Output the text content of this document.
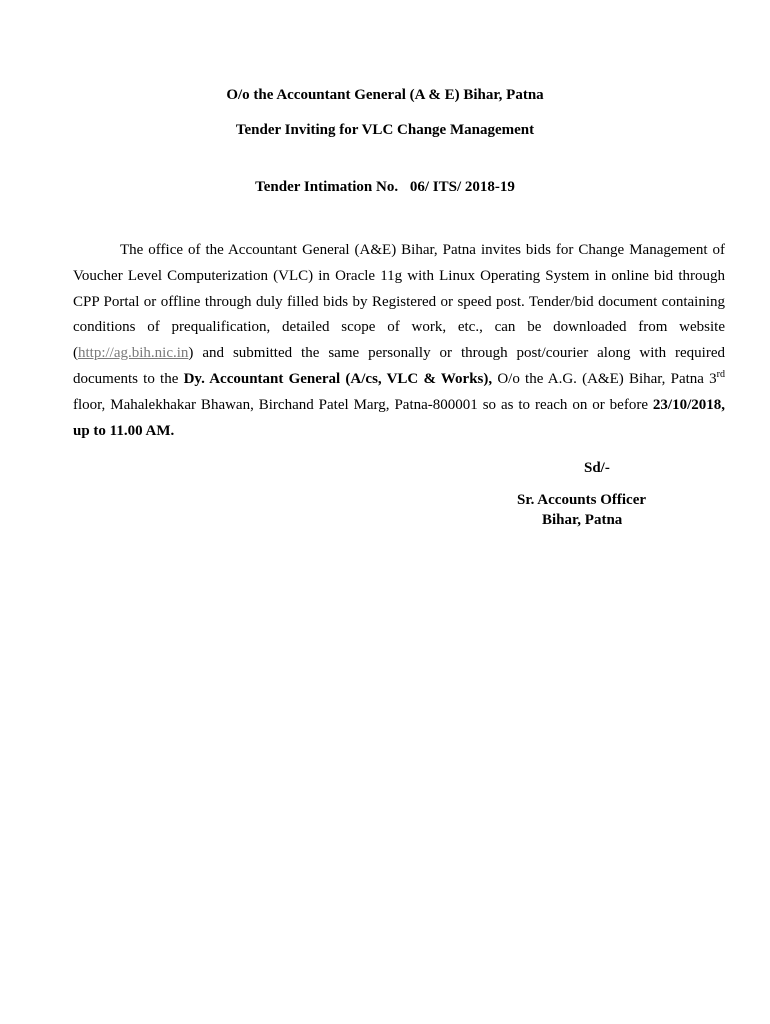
O/o the Accountant General (A & E) Bihar, Patna
Tender Inviting for VLC Change Management
Tender Intimation No. 06/ ITS/ 2018-19

The office of the Accountant General (A&E) Bihar, Patna invites bids for Change Management of Voucher Level Computerization (VLC) in Oracle 11g with Linux Operating System in online bid through CPP Portal or offline through duly filled bids by Registered or speed post. Tender/bid document containing conditions of prequalification, detailed scope of work, etc., can be downloaded from website (http://ag.bih.nic.in) and submitted the same personally or through post/courier along with required documents to the Dy. Accountant General (A/cs, VLC & Works), O/o the A.G. (A&E) Bihar, Patna 3rd floor, Mahalekhakar Bhawan, Birchand Patel Marg, Patna-800001 so as to reach on or before 23/10/2018, up to 11.00 AM.

Sd/-
Sr. Accounts Officer
Bihar, Patna
